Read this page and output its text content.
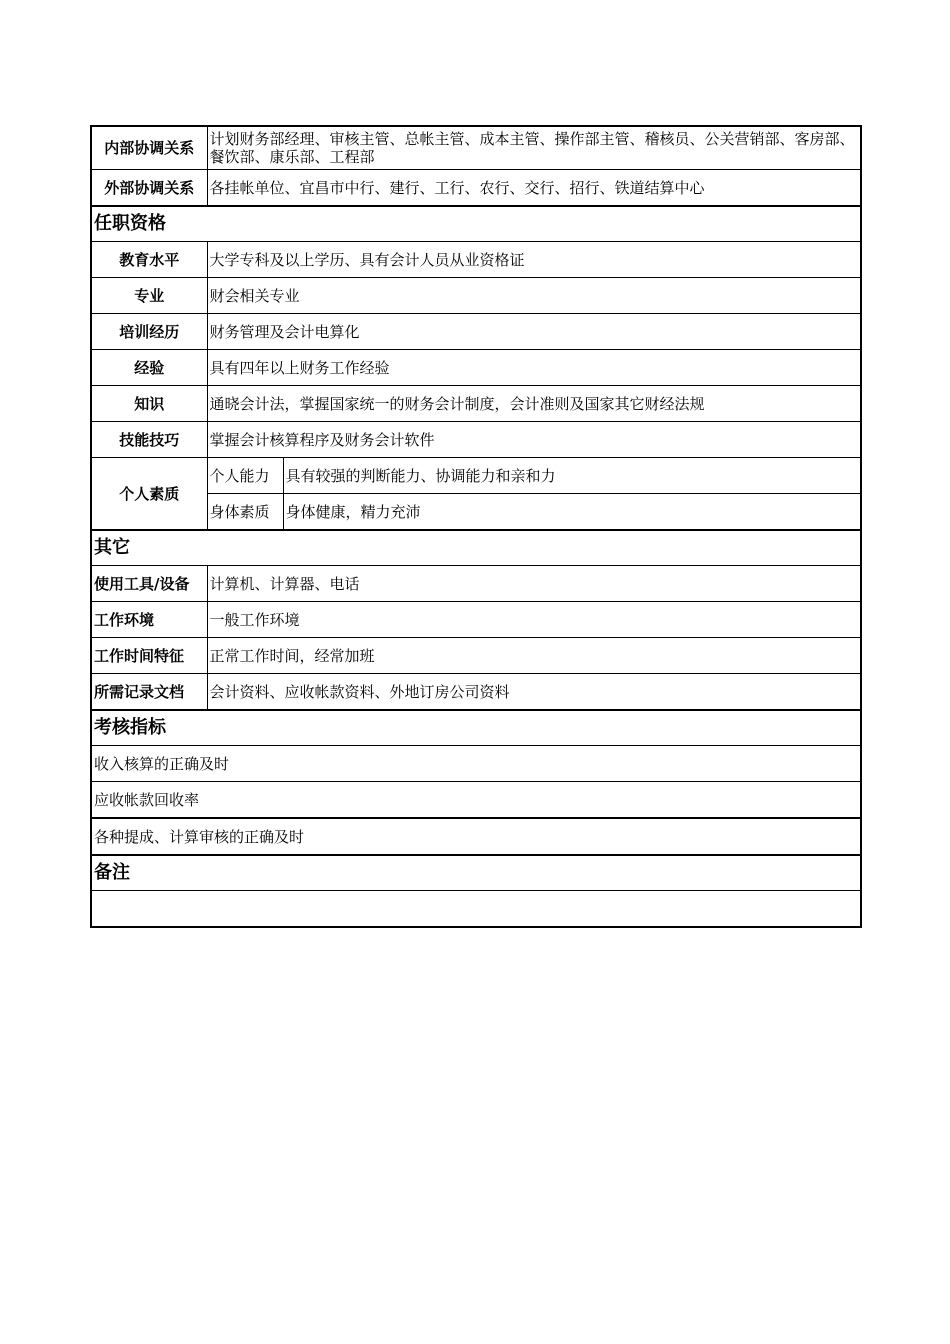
内部协调关系	计划财务部经理、审核主管、总帐主管、成本主管、操作部主管、稽核员、公关营销部、客房部、餐饮部、康乐部、工程部	
外部协调关系	各挂帐单位、宜昌市中行、建行、工行、农行、交行、招行、铁道结算中心	
任职资格		
教育水平	大学专科及以上学历、具有会计人员从业资格证	
专业	财会相关专业	
培训经历	财务管理及会计电算化	
经验	具有四年以上财务工作经验	
知识	通晓会计法，掌握国家统一的财务会计制度，会计准则及国家其它财经法规	
技能技巧	掌握会计核算程序及财务会计软件	
个人素质	个人能力	具有较强的判断能力、协调能力和亲和力
	身体素质	身体健康，精力充沛
其它		
使用工具/设备	计算机、计算器、电话	
工作环境	一般工作环境	
工作时间特征	正常工作时间，经常加班	
所需记录文档	会计资料、应收帐款资料、外地订房公司资料	
考核指标		
收入核算的正确及时		
应收帐款回收率		
各种提成、计算审核的正确及时		
备注		
